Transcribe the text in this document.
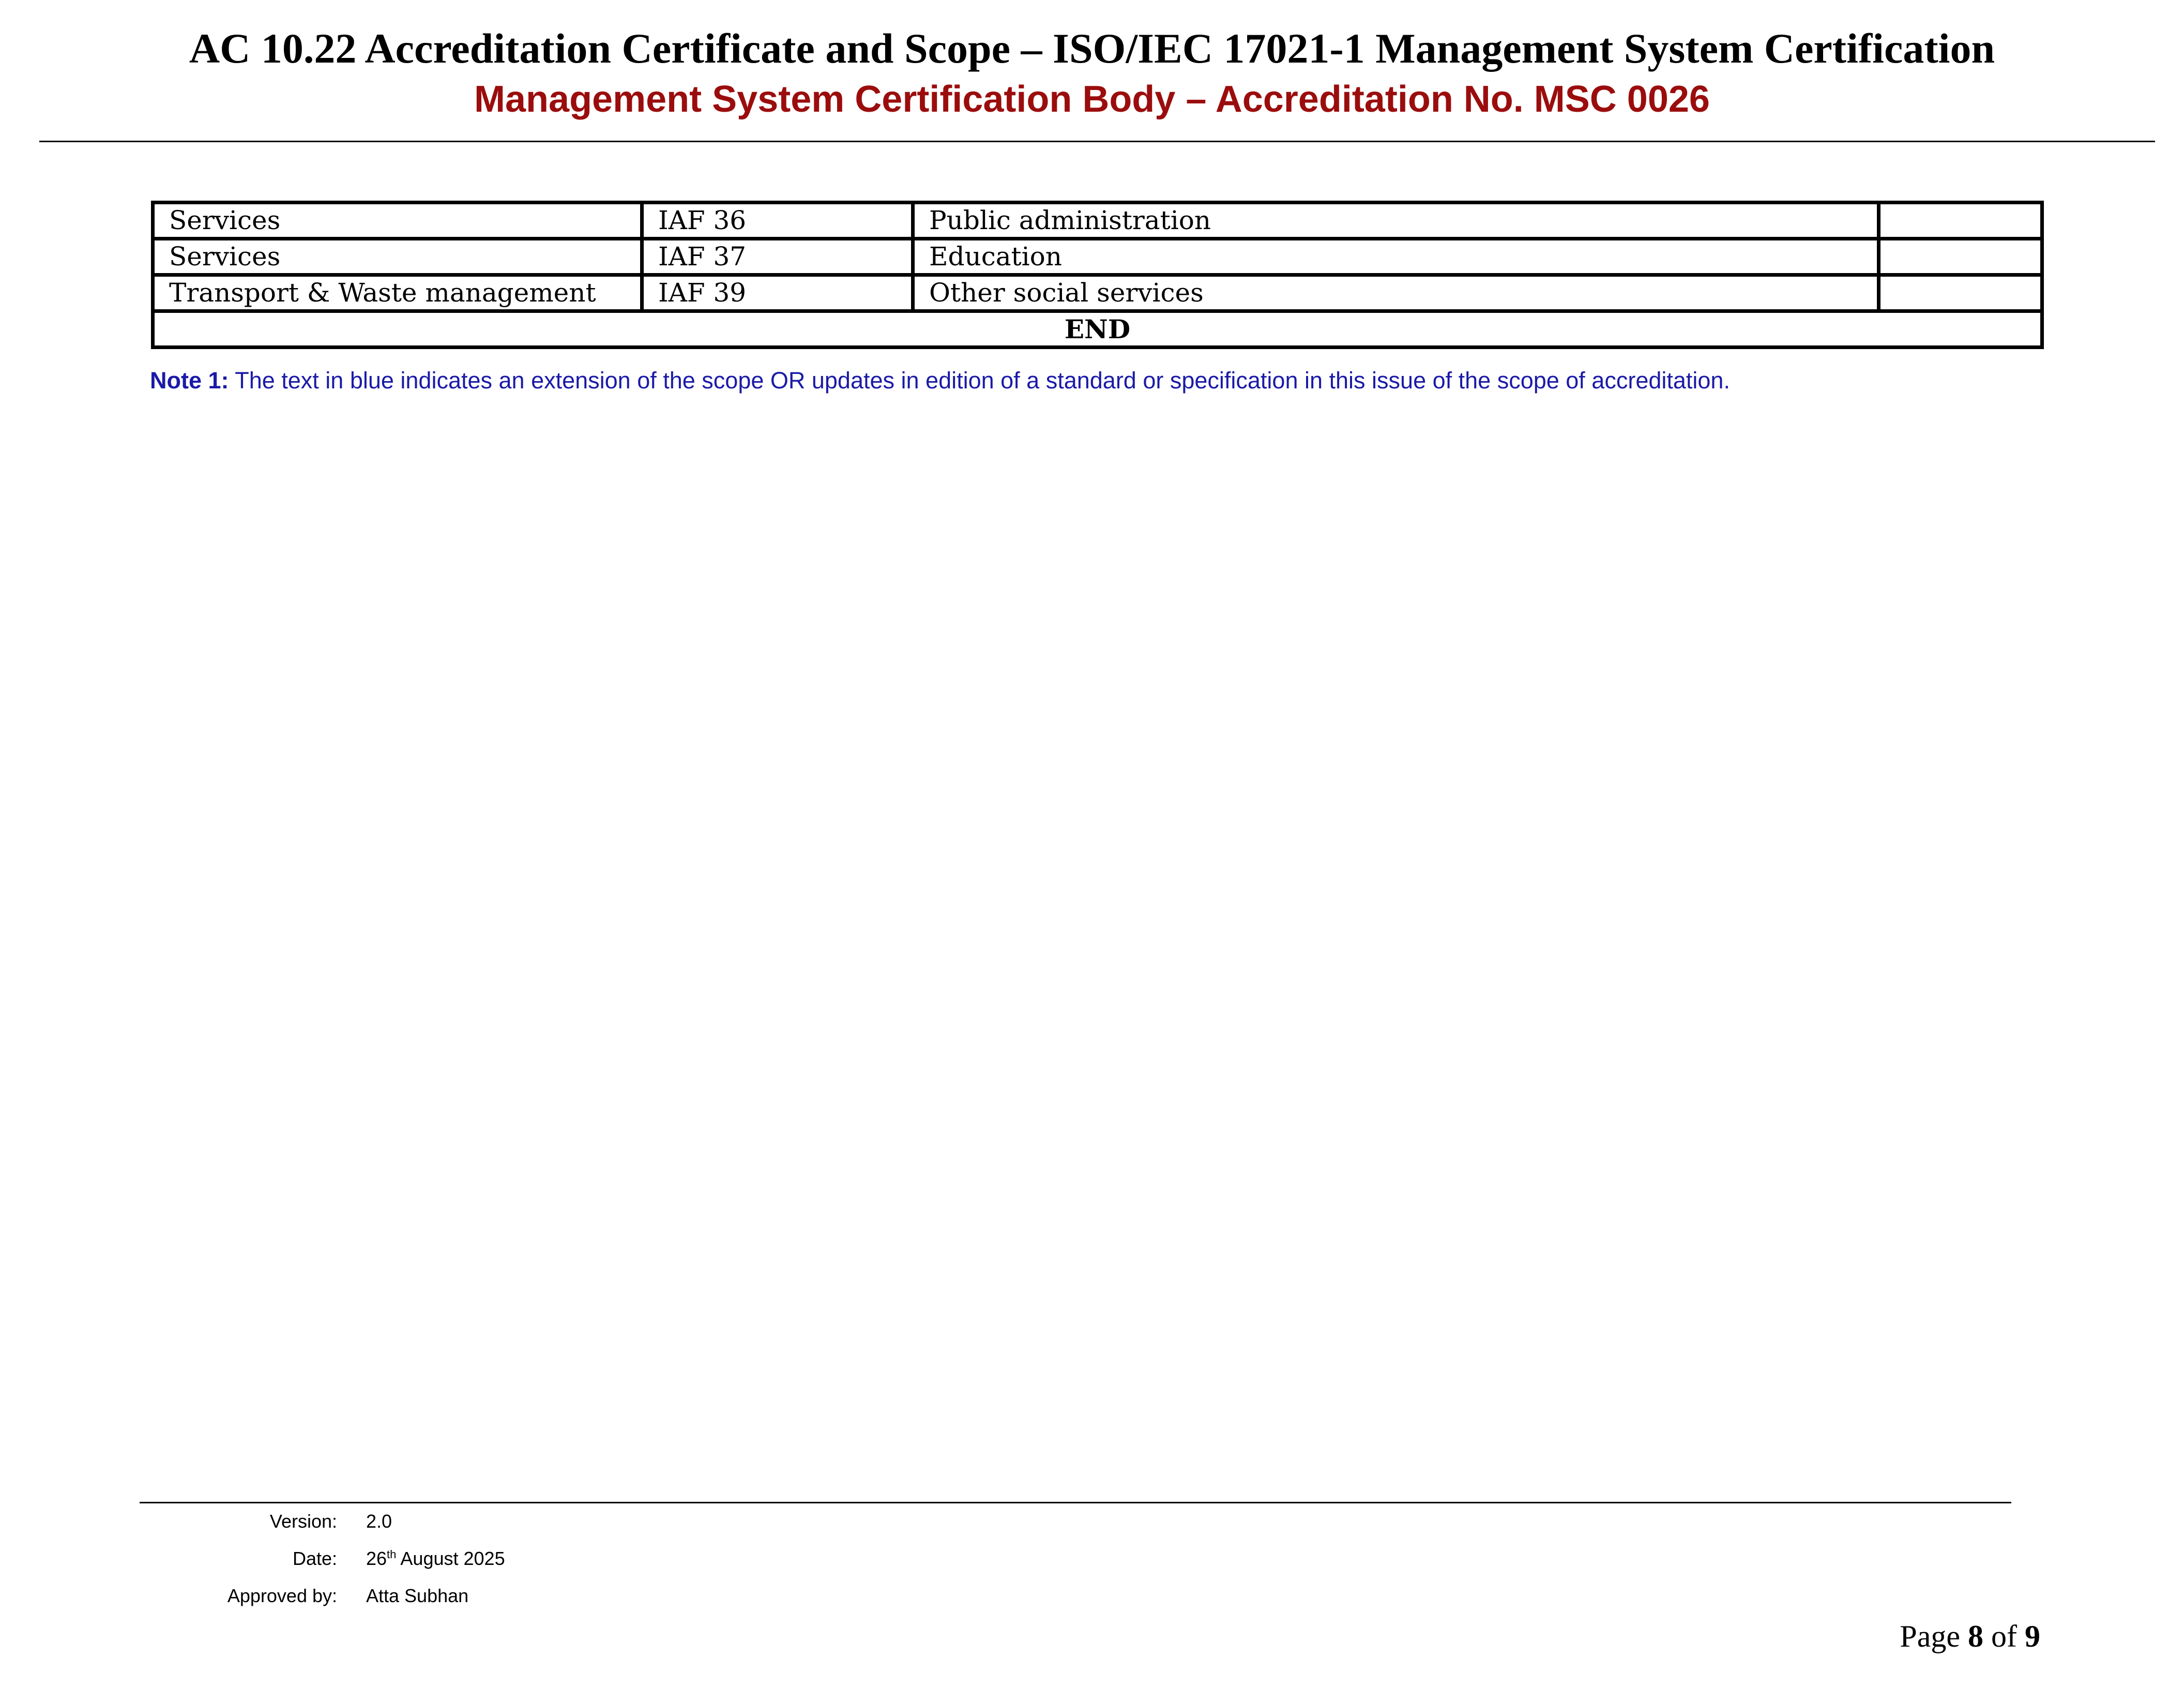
AC 10.22 Accreditation Certificate and Scope – ISO/IEC 17021-1 Management System Certification
Management System Certification Body – Accreditation No. MSC 0026
Services	IAF 36	Public administration	
Services	IAF 37	Education	
Transport & Waste management	IAF 39	Other social services	
END			
Note 1: The text in blue indicates an extension of the scope OR updates in edition of a standard or specification in this issue of the scope of accreditation.
Version:	2.0
Date:	26th August 2025
Approved by:	Atta Subhan
Page 8 of 9
